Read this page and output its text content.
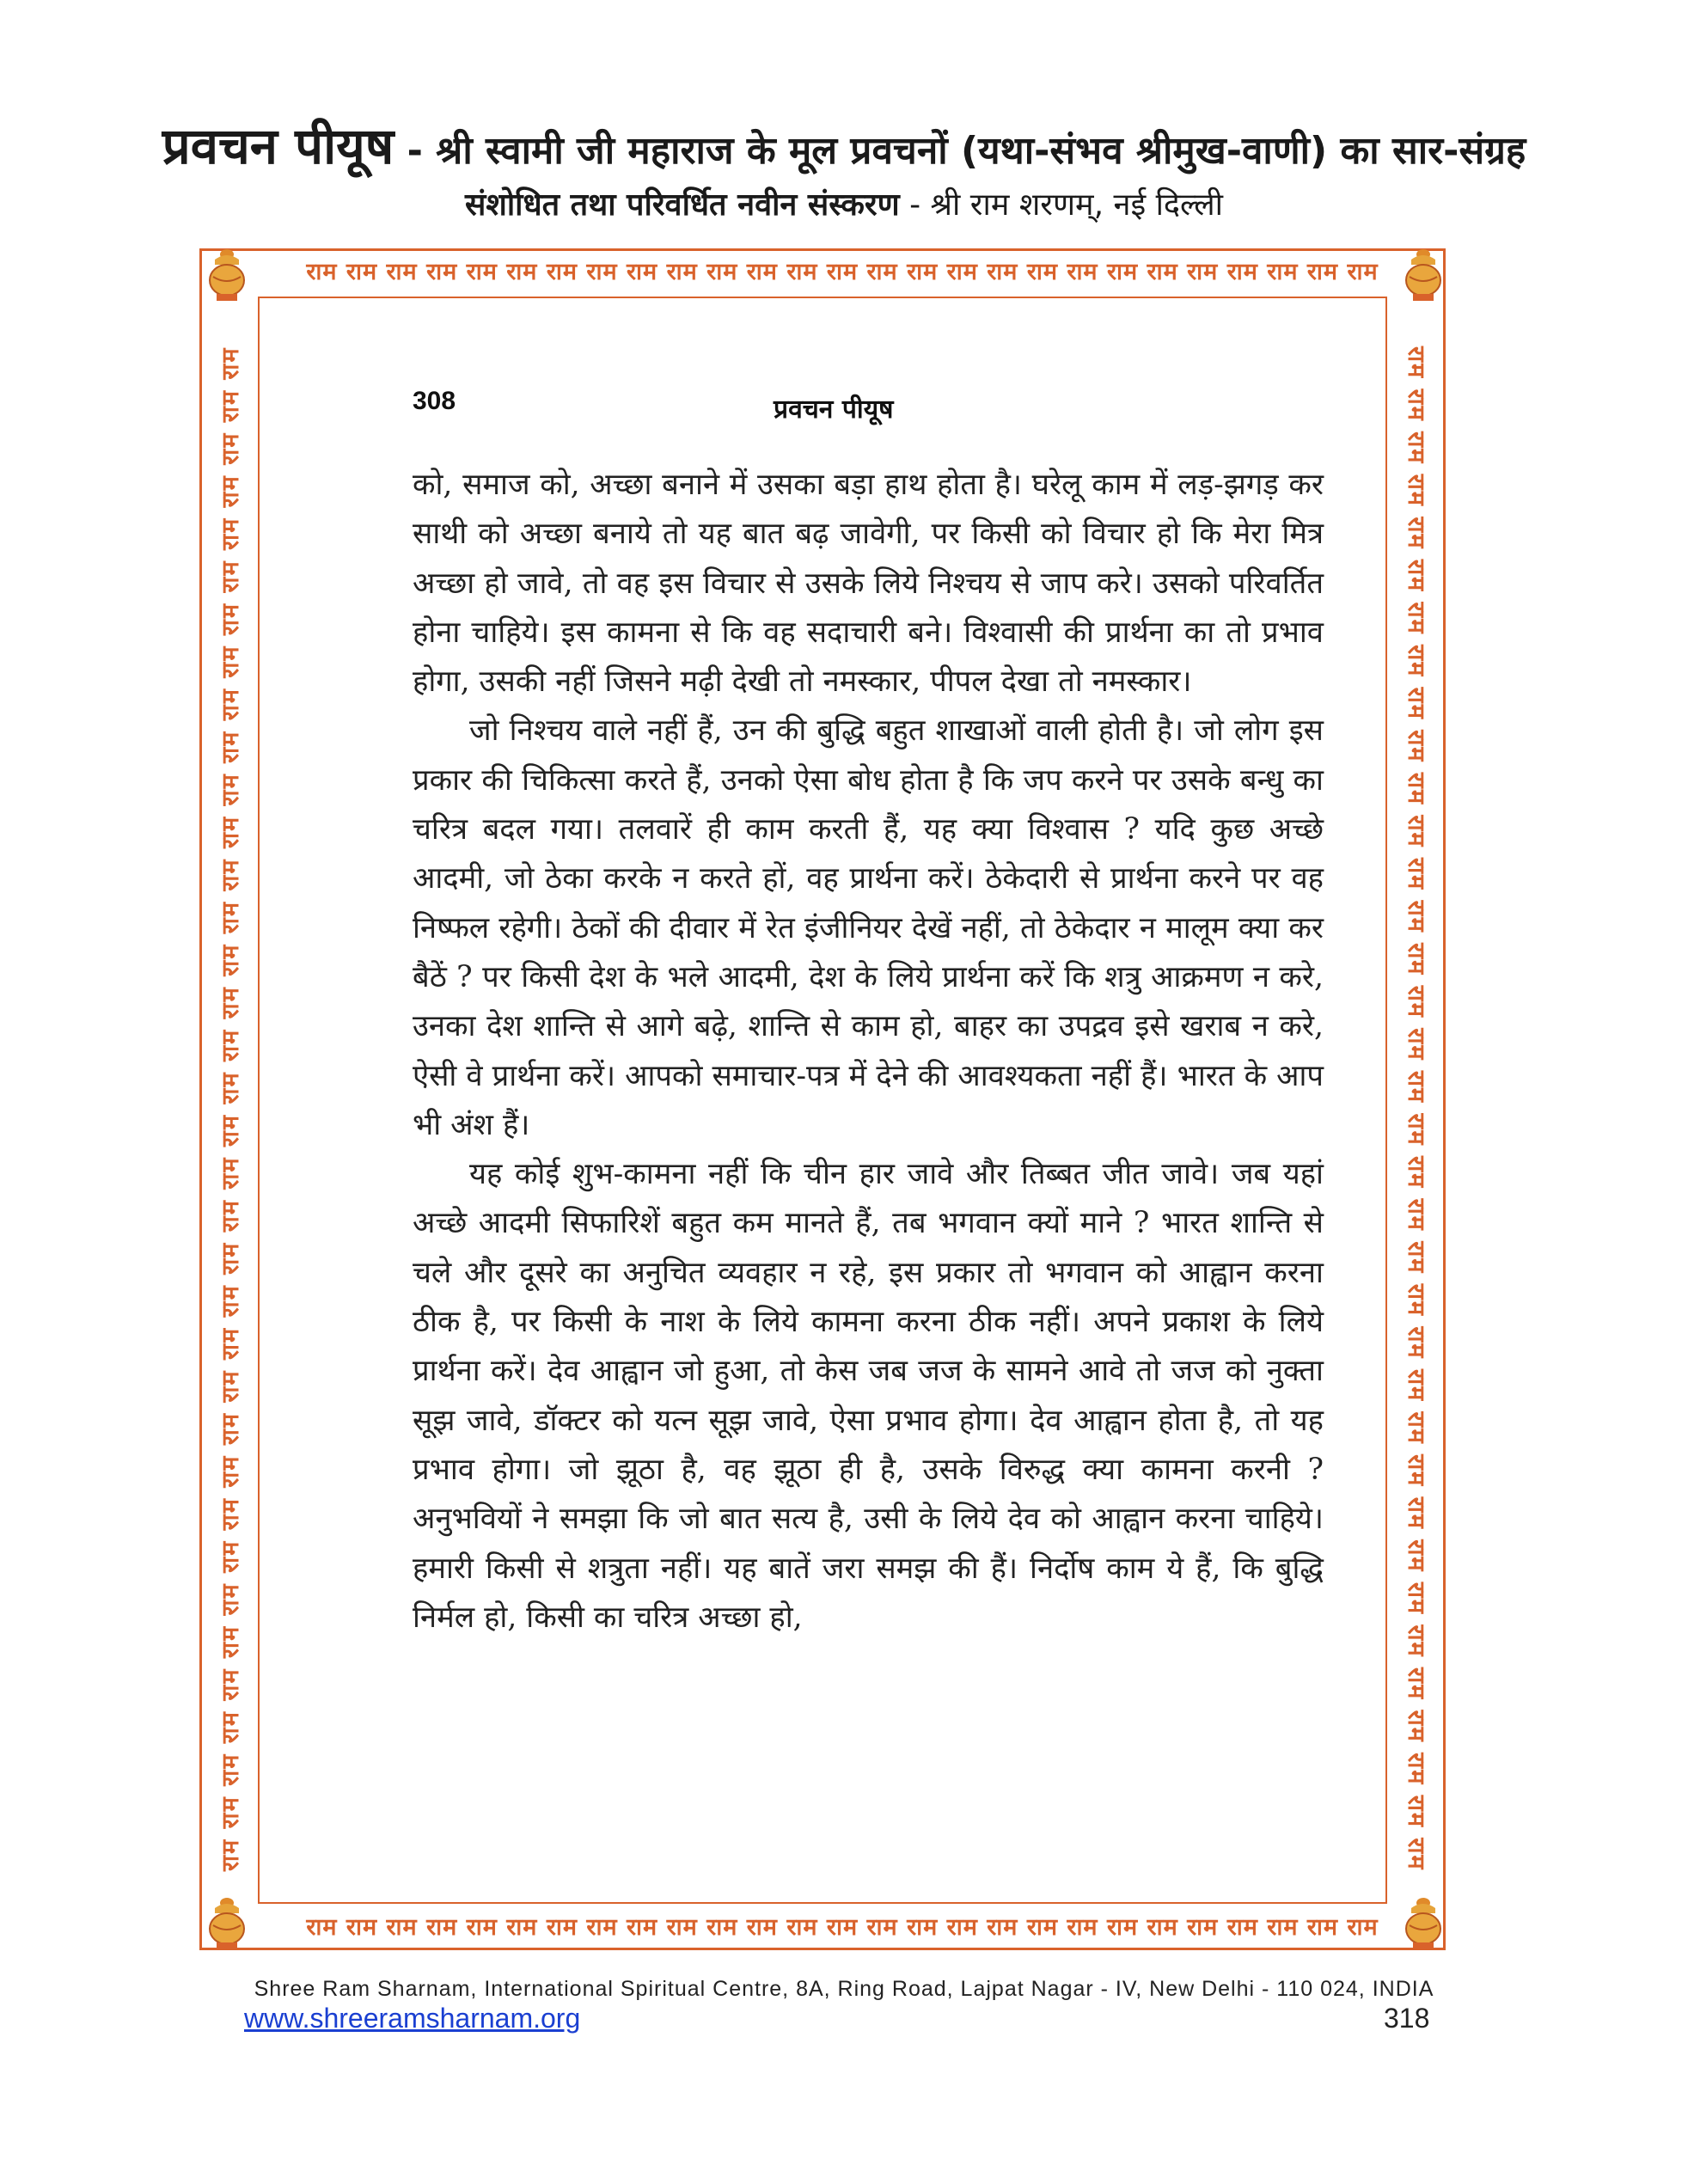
प्रवचन पीयूष - श्री स्वामी जी महाराज के मूल प्रवचनों (यथा-संभव श्रीमुख-वाणी) का सार-संग्रह
संशोधित तथा परिवर्धित नवीन संस्करण - श्री राम शरणम्, नई दिल्ली
राम राम राम राम राम राम राम राम राम राम राम राम राम राम राम राम राम राम राम राम राम राम राम राम राम राम राम
राम राम राम राम राम राम राम राम राम राम राम राम राम राम राम राम राम राम राम राम राम राम राम राम राम राम राम
राम राम राम राम राम राम राम राम राम राम राम राम राम राम राम राम राम राम राम राम राम राम राम राम राम राम राम राम राम राम राम राम राम राम राम राम	राम राम राम राम राम राम राम राम राम राम राम राम राम राम राम राम राम राम राम राम राम राम राम राम राम राम राम राम राम राम राम राम राम राम राम राम
308	प्रवचन पीयूष

को, समाज को, अच्छा बनाने में उसका बड़ा हाथ होता है। घरेलू काम में लड़-झगड़ कर साथी को अच्छा बनाये तो यह बात बढ़ जावेगी, पर किसी को विचार हो कि मेरा मित्र अच्छा हो जावे, तो वह इस विचार से उसके लिये निश्चय से जाप करे। उसको परिवर्तित होना चाहिये। इस कामना से कि वह सदाचारी बने। विश्वासी की प्रार्थना का तो प्रभाव होगा, उसकी नहीं जिसने मढ़ी देखी तो नमस्कार, पीपल देखा तो नमस्कार।

जो निश्चय वाले नहीं हैं, उन की बुद्धि बहुत शाखाओं वाली होती है। जो लोग इस प्रकार की चिकित्सा करते हैं, उनको ऐसा बोध होता है कि जप करने पर उसके बन्धु का चरित्र बदल गया। तलवारें ही काम करती हैं, यह क्या विश्वास ? यदि कुछ अच्छे आदमी, जो ठेका करके न करते हों, वह प्रार्थना करें। ठेकेदारी से प्रार्थना करने पर वह निष्फल रहेगी। ठेकों की दीवार में रेत इंजीनियर देखें नहीं, तो ठेकेदार न मालूम क्या कर बैठें ? पर किसी देश के भले आदमी, देश के लिये प्रार्थना करें कि शत्रु आक्रमण न करे, उनका देश शान्ति से आगे बढ़े, शान्ति से काम हो, बाहर का उपद्रव इसे खराब न करे, ऐसी वे प्रार्थना करें। आपको समाचार-पत्र में देने की आवश्यकता नहीं हैं। भारत के आप भी अंश हैं।

यह कोई शुभ-कामना नहीं कि चीन हार जावे और तिब्बत जीत जावे। जब यहां अच्छे आदमी सिफारिशें बहुत कम मानते हैं, तब भगवान क्यों माने ? भारत शान्ति से चले और दूसरे का अनुचित व्यवहार न रहे, इस प्रकार तो भगवान को आह्वान करना ठीक है, पर किसी के नाश के लिये कामना करना ठीक नहीं। अपने प्रकाश के लिये प्रार्थना करें। देव आह्वान जो हुआ, तो केस जब जज के सामने आवे तो जज को नुक्ता सूझ जावे, डॉक्टर को यत्न सूझ जावे, ऐसा प्रभाव होगा। देव आह्वान होता है, तो यह प्रभाव होगा। जो झूठा है, वह झूठा ही है, उसके विरुद्ध क्या कामना करनी ? अनुभवियों ने समझा कि जो बात सत्य है, उसी के लिये देव को आह्वान करना चाहिये। हमारी किसी से शत्रुता नहीं। यह बातें जरा समझ की हैं। निर्दोष काम ये हैं, कि बुद्धि निर्मल हो, किसी का चरित्र अच्छा हो,

Shree Ram Sharnam, International Spiritual Centre, 8A, Ring Road, Lajpat Nagar - IV, New Delhi - 110 024, INDIA
www.shreeramsharnam.org	318
